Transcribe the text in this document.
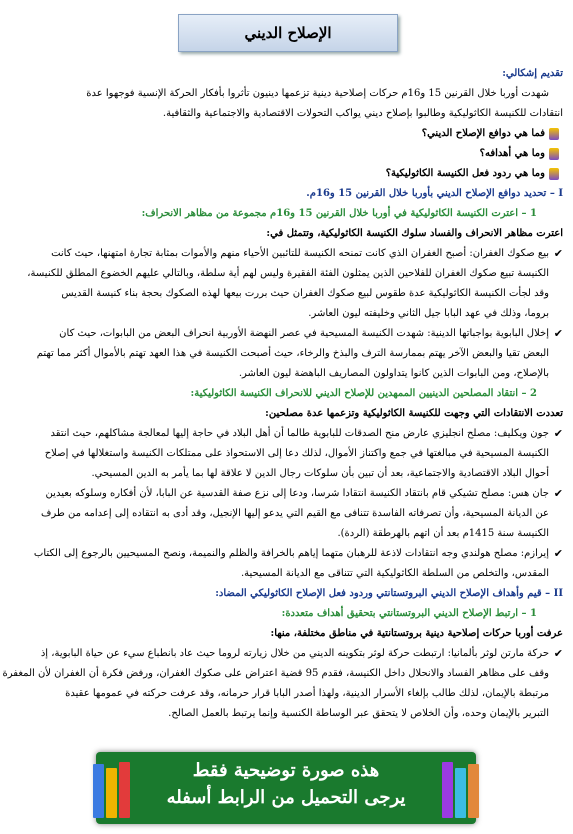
الإصلاح الديني
تقديم إشكالي:
شهدت أوربا خلال القرنين 15 و16م حركات إصلاحية دينية تزعمها دينيون تأثروا بأفكار الحركة الإنسية فوجهوا عدة
انتقادات للكنيسة الكاثوليكية وطالبوا بإصلاح ديني يواكب التحولات الاقتصادية والاجتماعية والثقافية.
فما هي دوافع الإصلاح الديني؟
وما هي أهدافه؟
وما هي ردود فعل الكنيسة الكاثوليكية؟
I – تحديد دوافع الإصلاح الديني بأوربا خلال القرنين 15 و16م.
1 – اعترت الكنيسة الكاثوليكية في أوربا خلال القرنين 15 و16م مجموعة من مظاهر الانحراف:
اعترت مظاهر الانحراف والفساد سلوك الكنيسة الكاثوليكية، وتتمثل في:
✔
بيع صكوك الغفران: أصبح الغفران الذي كانت تمنحه الكنيسة للتائبين الأحياء منهم والأموات بمثابة تجارة امتهنها، حيث كانت
الكنيسة تبيع صكوك الغفران للفلاحين الذين يمثلون الفئة الفقيرة وليس لهم أية سلطة، وبالتالي عليهم الخضوع المطلق للكنيسة،
وقد لجأت الكنيسة الكاثوليكية عدة طقوس لبيع صكوك الغفران حيث بررت بيعها لهذه الصكوك بحجة بناء كنيسة القديس
بروما، وذلك في عهد البابا جيل الثاني وخليفته ليون العاشر.
✔
إخلال البابوية بواجباتها الدينية: شهدت الكنيسة المسيحية في عصر النهضة الأوربية انحراف البعض من البابوات، حيث كان
البعض تقيا والبعض الآخر يهتم بممارسة الترف والبذخ والرخاء، حيث أصبحت الكنيسة في هذا العهد تهتم بالأموال أكثر مما تهتم
بالإصلاح، ومن البابوات الذين كانوا يتداولون المصاريف الباهضة ليون العاشر.
2 – انتقاد المصلحين الدينيين الممهدين للإصلاح الديني للانحراف الكنيسة الكاثوليكية:
تعددت الانتقادات التي وجهت للكنيسة الكاثوليكية وتزعمها عدة مصلحين:
✔
جون ويكليف: مصلح انجليزي عارض منح الصدقات للبابوية طالما أن أهل البلاد في حاجة إليها لمعالجة مشاكلهم، حيث انتقد
الكنيسة المسيحية في مبالغتها في جمع واكتناز الأموال، لذلك دعا إلى الاستحواذ على ممتلكات الكنيسة واستغلالها في إصلاح
أحوال البلاد الاقتصادية والاجتماعية، بعد أن تبين بأن سلوكات رجال الدين لا علاقة لها بما يأمر به الدين المسيحي.
✔
جان هس: مصلح تشيكي قام بانتقاد الكنيسة انتقادا شرسا، ودعا إلى نزع صفة القدسية عن البابا، لأن أفكاره وسلوكه بعيدين
عن الديانة المسيحية، وأن تصرفاته الفاسدة تتنافى مع القيم التي يدعو إليها الإنجيل، وقد أدى به انتقاده إلى إعدامه من طرف
الكنيسة سنة 1415م بعد أن اتهم بالهرطقة (الردة).
✔
إيرازم: مصلح هولندي وجه انتقادات لاذعة للرهبان متهما إياهم بالخرافة والظلم والنميمة، ونصح المسيحيين بالرجوع إلى الكتاب
المقدس، والتخلص من السلطة الكاثوليكية التي تتناقى مع الديانة المسيحية.
II – قيم وأهداف الإصلاح الديني البروتستانتي وردود فعل الإصلاح الكاثوليكي المضاد:
1 – ارتبط الإصلاح الديني البروتستانتي بتحقيق أهداف متعددة:
عرفت أوربا حركات إصلاحية دينية بروتستانتية في مناطق مختلفة، منها:
✔
حركة مارتن لوثر بألمانيا: ارتبطت حركة لوثر بتكوينه الديني من خلال زيارته لروما حيث عاد بانطباع سيء عن حياة البابوية، إذ
وقف على مظاهر الفساد والانحلال داخل الكنيسة، فقدم 95 قضية اعتراض على صكوك الغفران، ورفض فكرة أن الغفران لأن المغفرة
مرتبطة بالإيمان، لذلك طالب بإلغاء الأسرار الدينية، ولهذا أصدر البابا قرار حرمانه، وقد عرفت حركته في عمومها عقيدة
التبرير بالإيمان وحده، وأن الخلاص لا يتحقق عبر الوساطة الكنسية وإنما يرتبط بالعمل الصالح.
هذه صورة توضيحية فقط
يرجى التحميل من الرابط أسفله
